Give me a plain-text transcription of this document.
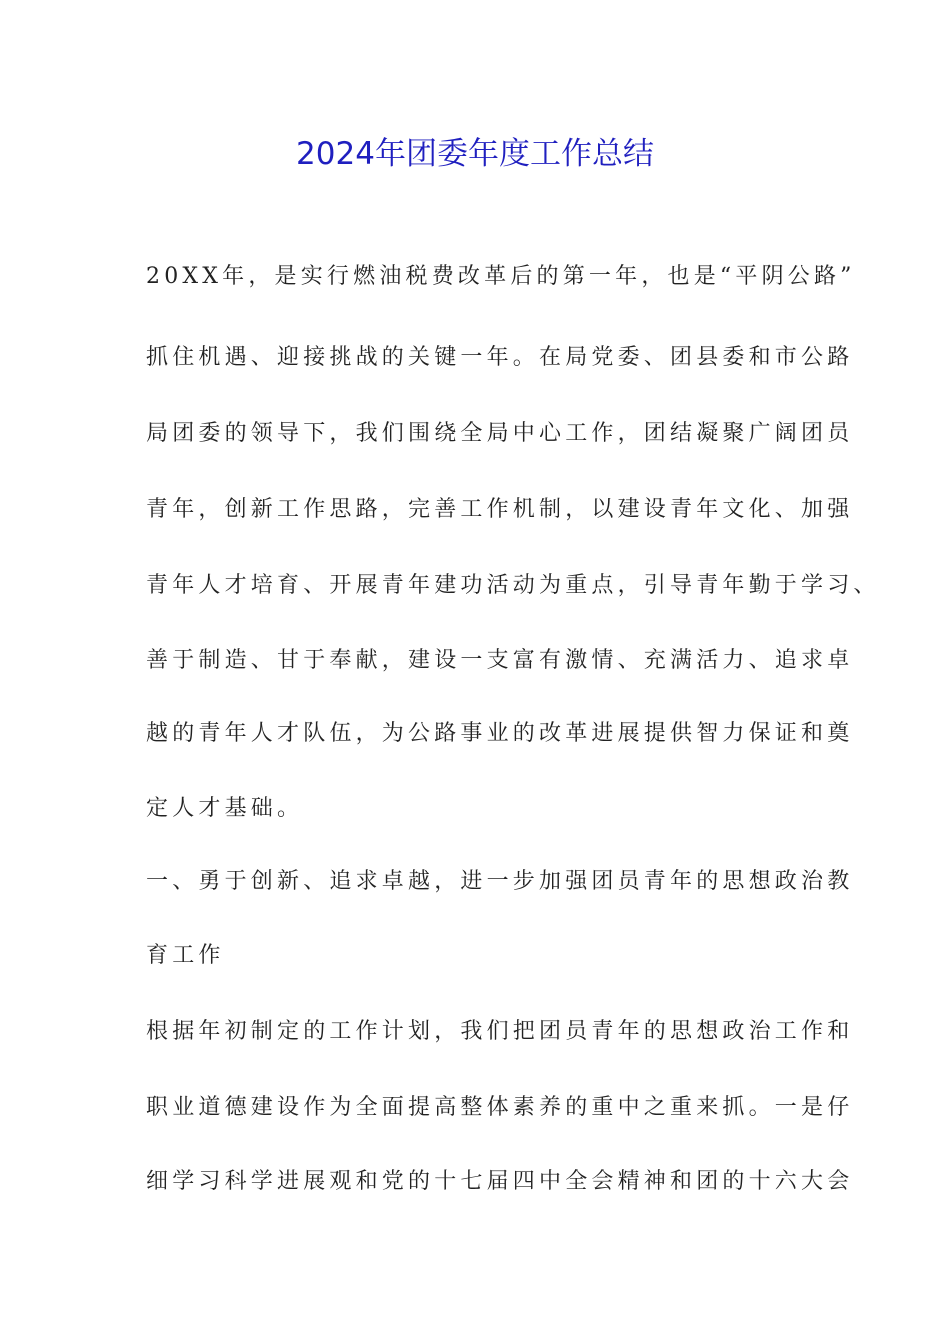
2024年团委年度工作总结
20XX年，是实行燃油税费改革后的第一年，也是“平阴公路”
抓住机遇、迎接挑战的关键一年。在局党委、团县委和市公路
局团委的领导下，我们围绕全局中心工作，团结凝聚广阔团员
青年，创新工作思路，完善工作机制，以建设青年文化、加强
青年人才培育、开展青年建功活动为重点，引导青年勤于学习、
善于制造、甘于奉献，建设一支富有激情、充满活力、追求卓
越的青年人才队伍，为公路事业的改革进展提供智力保证和奠
定人才基础。
一、勇于创新、追求卓越，进一步加强团员青年的思想政治教
育工作
根据年初制定的工作计划，我们把团员青年的思想政治工作和
职业道德建设作为全面提高整体素养的重中之重来抓。一是仔
细学习科学进展观和党的十七届四中全会精神和团的十六大会
